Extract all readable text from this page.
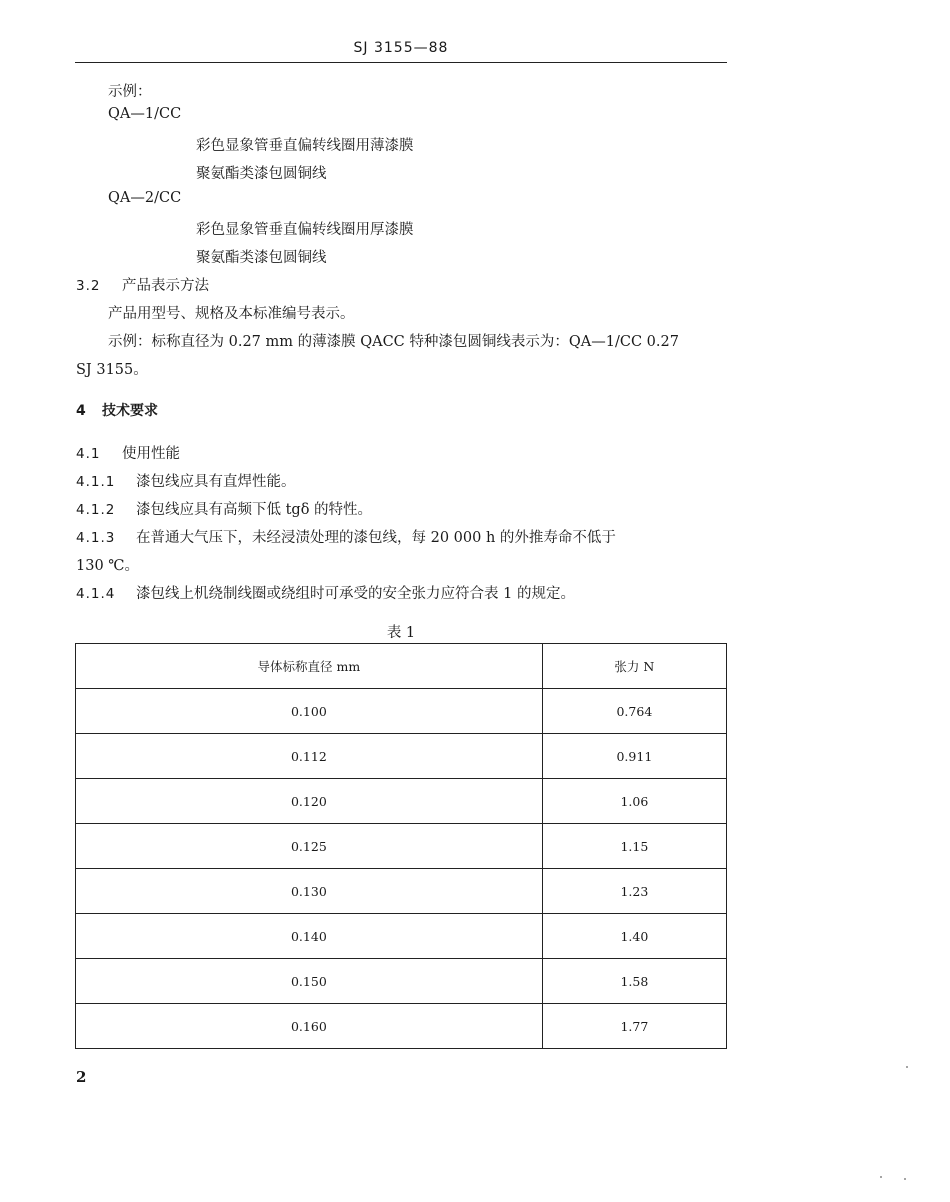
SJ 3155—88
示例：
QA—1/CC
彩色显象管垂直偏转线圈用薄漆膜
聚氨酯类漆包圆铜线
QA—2/CC
彩色显象管垂直偏转线圈用厚漆膜
聚氨酯类漆包圆铜线
3.2 产品表示方法
产品用型号、规格及本标准编号表示。
示例：标称直径为 0.27 mm 的薄漆膜 QACC 特种漆包圆铜线表示为：QA—1/CC 0.27
SJ 3155。
4 技术要求
4.1 使用性能
4.1.1 漆包线应具有直焊性能。
4.1.2 漆包线应具有高频下低 tgδ 的特性。
4.1.3 在普通大气压下，未经浸渍处理的漆包线，每 20 000 h 的外推寿命不低于
130 ℃。
4.1.4 漆包线上机绕制线圈或绕组时可承受的安全张力应符合表 1 的规定。
表 1
导体标称直径 mm	张力 N
0.100	0.764
0.112	0.911
0.120	1.06
0.125	1.15
0.130	1.23
0.140	1.40
0.150	1.58
0.160	1.77
2
